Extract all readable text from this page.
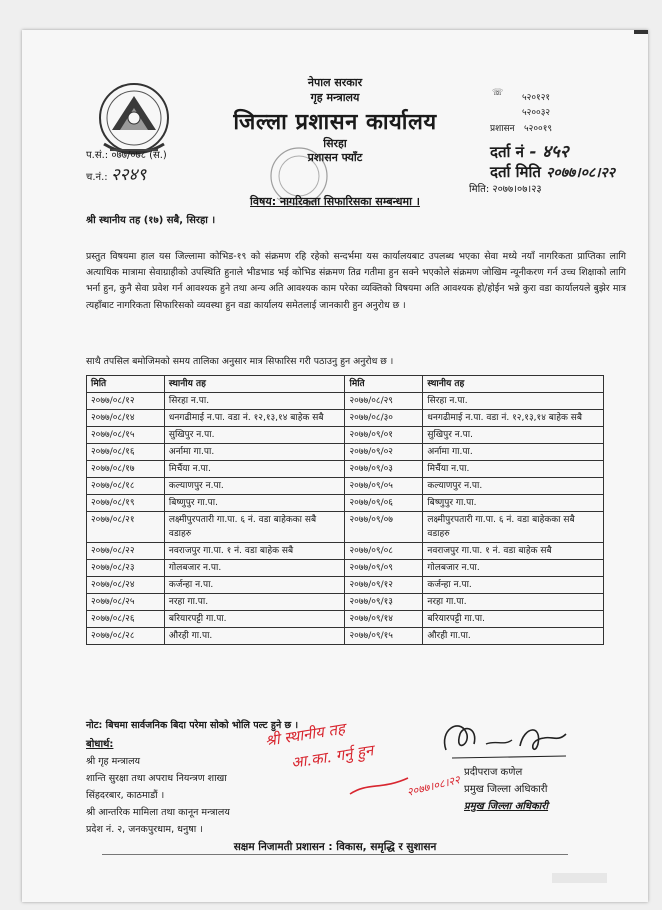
नेपाल सरकार
गृह मन्त्रालय
जिल्ला प्रशासन कार्यालय
सिरहा
प्रशासन फ्याँट
प.सं.: ०७७/०७८ (स.)
च.नं.: २२४९
☏ ५२०१२१
५२००३२
प्रशासन ५२००१९
दर्ता नं - ४५२
दर्ता मिति २०७७।०८।२२
मिति: २०७७।०७।२३
विषय: नागरिकता सिफारिसका सम्बन्धमा ।
श्री स्थानीय तह (१७) सबै, सिरहा ।
प्रस्तुत विषयमा हाल यस जिल्लामा कोभिड-१९ को संक्रमण रहि रहेको सन्दर्भमा यस कार्यालयबाट उपलब्ध भएका सेवा मध्ये नयाँ नागरिकता प्राप्तिका लागि अत्याधिक मात्रामा सेवाग्राहीको उपस्थिति हुनाले भीडभाड भई कोभिड संक्रमण तिव्र गतीमा हुन सक्ने भएकोले संक्रमण जोखिम न्यूनीकरण गर्न उच्च शिक्षाको लागि भर्ना हुन, कुनै सेवा प्रवेश गर्न आवश्यक हुने तथा अन्य अति आवश्यक काम परेका व्यक्तिको विषयमा अति आवश्यक हो/होईन भन्ने कुरा वडा कार्यालयले बुझेर मात्र त्यहाँबाट नागरिकता सिफारिसको व्यवस्था हुन वडा कार्यालय समेतलाई जानकारी हुन अनुरोध छ ।
साथै तपसिल बमोजिमको समय तालिका अनुसार मात्र सिफारिस गरी पठाउनु हुन अनुरोध छ ।
मिति	स्थानीय तह	मिति	स्थानीय तह
२०७७/०८/१२	सिरहा न.पा.	२०७७/०८/२९	सिरहा न.पा.
२०७७/०८/१४	धनगढीमाई न.पा. वडा नं. १२,१३,१४ बाहेक सबै	२०७७/०८/३०	धनगढीमाई न.पा. वडा नं. १२,१३,१४ बाहेक सबै
२०७७/०८/१५	सुखिपुर न.पा.	२०७७/०९/०१	सुखिपुर न.पा.
२०७७/०८/१६	अर्नामा गा.पा.	२०७७/०९/०२	अर्नामा गा.पा.
२०७७/०८/१७	मिर्चैया न.पा.	२०७७/०९/०३	मिर्चैया न.पा.
२०७७/०८/१८	कल्याणपुर न.पा.	२०७७/०९/०५	कल्याणपुर न.पा.
२०७७/०८/१९	बिष्णुपुर गा.पा.	२०७७/०९/०६	बिष्णुपुर गा.पा.
२०७७/०८/२१	लक्ष्मीपुरपतारी गा.पा. ६ नं. वडा बाहेकका सबै वडाहरु	२०७७/०९/०७	लक्ष्मीपुरपतारी गा.पा. ६ नं. वडा बाहेकका सबै वडाहरु
२०७७/०८/२२	नवराजपुर गा.पा. १ नं. वडा बाहेक सबै	२०७७/०९/०८	नवराजपुर गा.पा. १ नं. वडा बाहेक सबै
२०७७/०८/२३	गोलबजार न.पा.	२०७७/०९/०९	गोलबजार न.पा.
२०७७/०८/२४	कर्जन्हा न.पा.	२०७७/०९/१२	कर्जन्हा न.पा.
२०७७/०८/२५	नरहा गा.पा.	२०७७/०९/१३	नरहा गा.पा.
२०७७/०८/२६	बरियारपट्टी गा.पा.	२०७७/०९/१४	बरियारपट्टी गा.पा.
२०७७/०८/२८	औरही गा.पा.	२०७७/०९/१५	औरही गा.पा.
नोट: बिचमा सार्वजनिक बिदा परेमा सोको भोलि पल्ट हुने छ ।
बोधार्थ:
श्री गृह मन्त्रालय
शान्ति सुरक्षा तथा अपराध नियन्त्रण शाखा
सिंहदरबार, काठमाडौं ।
श्री आन्तरिक मामिला तथा कानून मन्त्रालय
प्रदेश नं. २, जनकपुरधाम, धनुषा ।
प्रदीपराज कणेल
प्रमुख जिल्ला अधिकारी
प्रमुख जिल्ला अधिकारी
श्री स्थानीय तह
आ.का. गर्नु हुन
२०७७।०८।२२
सक्षम निजामती प्रशासन : विकास, समृद्धि र सुशासन
